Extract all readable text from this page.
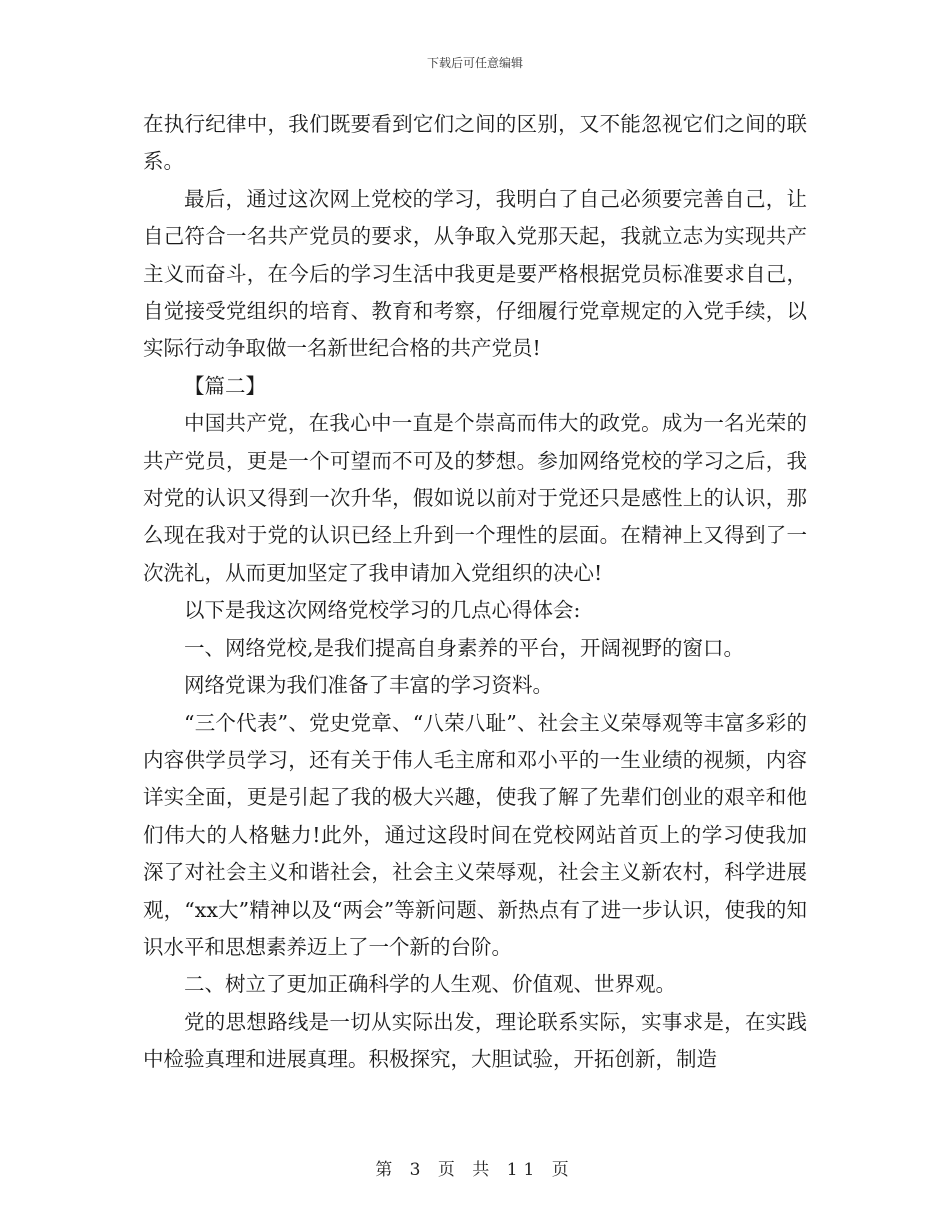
下载后可任意编辑

在执行纪律中，我们既要看到它们之间的区别，又不能忽视它们之间的联系。

最后，通过这次网上党校的学习，我明白了自己必须要完善自己，让自己符合一名共产党员的要求，从争取入党那天起，我就立志为实现共产主义而奋斗，在今后的学习生活中我更是要严格根据党员标准要求自己，自觉接受党组织的培育、教育和考察，仔细履行党章规定的入党手续，以实际行动争取做一名新世纪合格的共产党员!

【篇二】

中国共产党，在我心中一直是个崇高而伟大的政党。成为一名光荣的共产党员，更是一个可望而不可及的梦想。参加网络党校的学习之后，我对党的认识又得到一次升华，假如说以前对于党还只是感性上的认识，那么现在我对于党的认识已经上升到一个理性的层面。在精神上又得到了一次洗礼，从而更加坚定了我申请加入党组织的决心!

以下是我这次网络党校学习的几点心得体会:

一、网络党校,是我们提高自身素养的平台，开阔视野的窗口。

网络党课为我们准备了丰富的学习资料。

“三个代表”、党史党章、“八荣八耻”、社会主义荣辱观等丰富多彩的内容供学员学习，还有关于伟人毛主席和邓小平的一生业绩的视频，内容详实全面，更是引起了我的极大兴趣，使我了解了先辈们创业的艰辛和他们伟大的人格魅力!此外，通过这段时间在党校网站首页上的学习使我加深了对社会主义和谐社会，社会主义荣辱观，社会主义新农村，科学进展观，“xx大”精神以及“两会”等新问题、新热点有了进一步认识，使我的知识水平和思想素养迈上了一个新的台阶。

二、树立了更加正确科学的人生观、价值观、世界观。

党的思想路线是一切从实际出发，理论联系实际，实事求是，在实践中检验真理和进展真理。积极探究，大胆试验，开拓创新，制造

第 3 页 共 11 页
